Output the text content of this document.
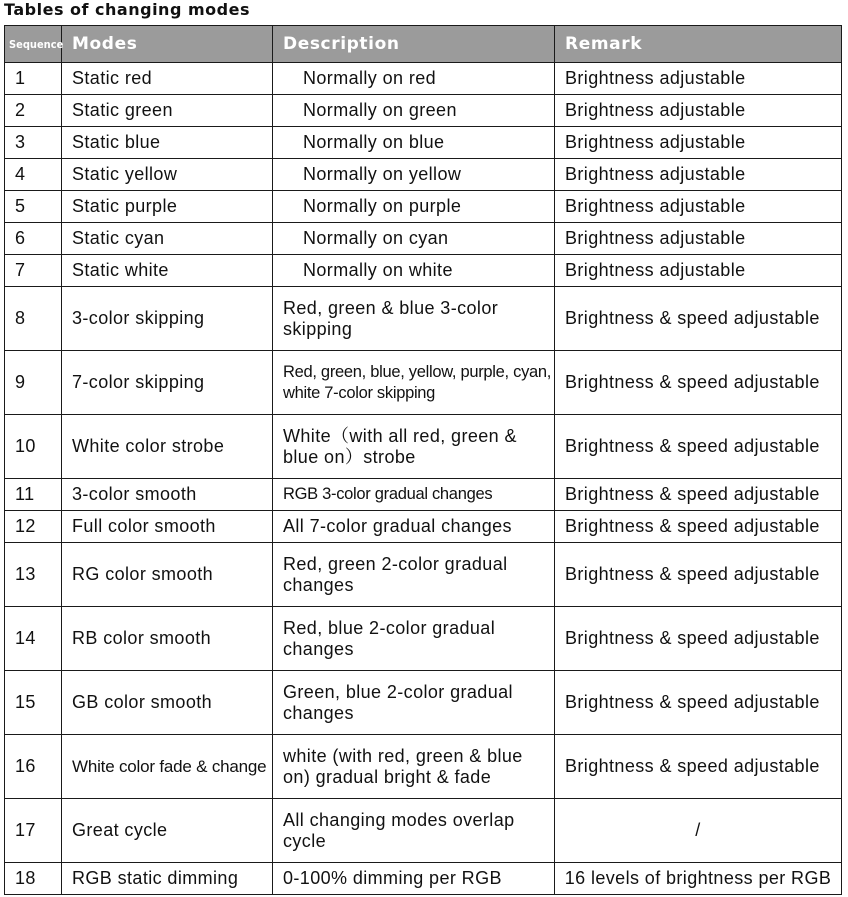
Tables of changing modes
Sequence	Modes	Description	Remark
1	Static red	Normally on red	Brightness adjustable
2	Static green	Normally on green	Brightness adjustable
3	Static blue	Normally on blue	Brightness adjustable
4	Static yellow	Normally on yellow	Brightness adjustable
5	Static purple	Normally on purple	Brightness adjustable
6	Static cyan	Normally on cyan	Brightness adjustable
7	Static white	Normally on white	Brightness adjustable
8	3-color skipping	Red, green & blue 3-color skipping	Brightness & speed adjustable
9	7-color skipping	Red, green, blue, yellow, purple, cyan, white 7-color skipping	Brightness & speed adjustable
10	White color strobe	White（with all red, green & blue on）strobe	Brightness & speed adjustable
11	3-color smooth	RGB 3-color gradual changes	Brightness & speed adjustable
12	Full color smooth	All 7-color gradual changes	Brightness & speed adjustable
13	RG color smooth	Red, green 2-color gradual changes	Brightness & speed adjustable
14	RB color smooth	Red, blue 2-color gradual changes	Brightness & speed adjustable
15	GB color smooth	Green, blue 2-color gradual changes	Brightness & speed adjustable
16	White color fade & change	white (with red, green & blue on) gradual bright & fade	Brightness & speed adjustable
17	Great cycle	All changing modes overlap cycle	/
18	RGB static dimming	0-100% dimming per RGB	16 levels of brightness per RGB
